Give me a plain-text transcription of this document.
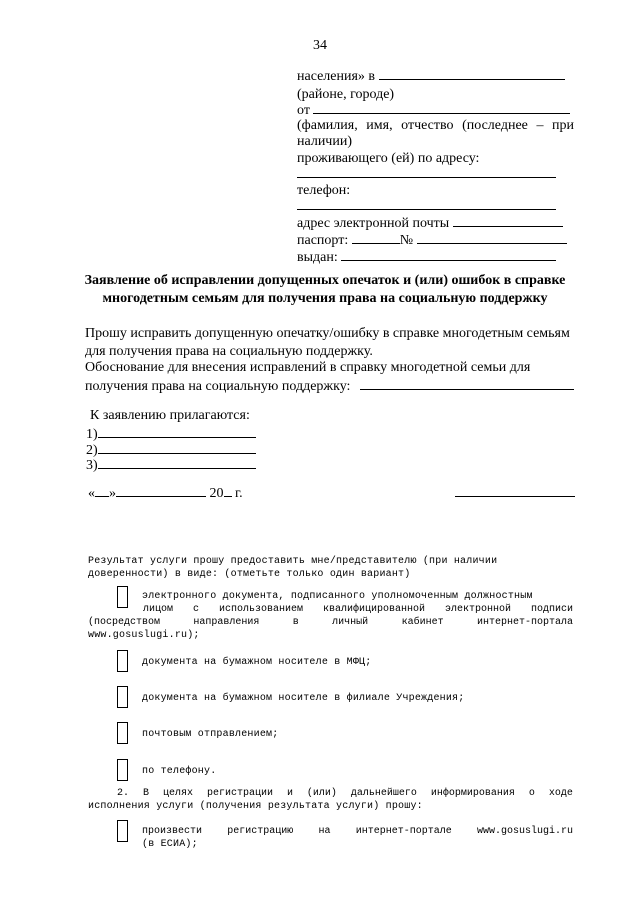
34
населения» в
(районе, городе)
от
(фамилия, имя, отчество (последнее – при
наличии)
проживающего (ей) по адресу:
телефон:
адрес электронной почты
паспорт:	№
выдан:
Заявление об исправлении допущенных опечаток и (или) ошибок в справке
многодетным семьям для получения права на социальную поддержку
Прошу исправить допущенную опечатку/ошибку в справке многодетным семьям
для получения права на социальную поддержку.
Обоснование для внесения исправлений в справку многодетной семьи для
получения права на социальную поддержку:
К заявлению прилагаются:
1)
2)
3)
« »	20 г.
Результат услуги прошу предоставить мне/представителю (при наличии
доверенности) в виде: (отметьте только один вариант)
электронного документа, подписанного уполномоченным должностным
лицом с использованием квалифицированной электронной подписи
(посредством	направления	в	личный	кабинет	интернет-портала
www.gosuslugi.ru);
документа на бумажном носителе в МФЦ;
документа на бумажном носителе в филиале Учреждения;
почтовым отправлением;
по телефону.
2. В целях регистрации и (или) дальнейшего информирования о ходе
исполнения услуги (получения результата услуги) прошу:
произвести	регистрацию	на	интернет-портале	www.gosuslugi.ru
(в ЕСИА);
